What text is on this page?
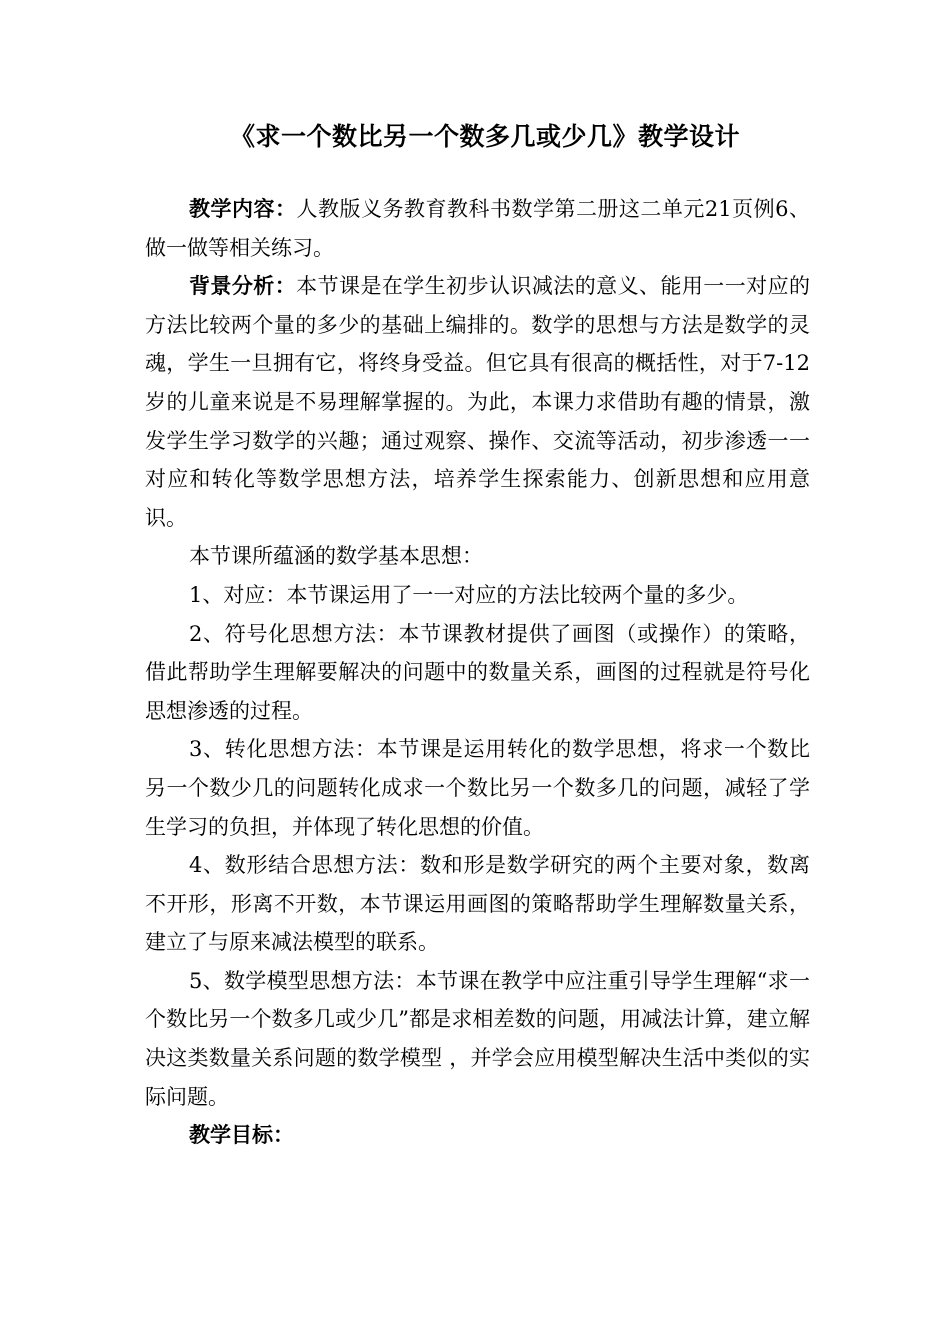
《求一个数比另一个数多几或少几》教学设计

教学内容：人教版义务教育教科书数学第二册这二单元21页例6、做一做等相关练习。

背景分析：本节课是在学生初步认识减法的意义、能用一一对应的方法比较两个量的多少的基础上编排的。数学的思想与方法是数学的灵魂，学生一旦拥有它，将终身受益。但它具有很高的概括性，对于7-12岁的儿童来说是不易理解掌握的。为此，本课力求借助有趣的情景，激发学生学习数学的兴趣；通过观察、操作、交流等活动，初步渗透一一对应和转化等数学思想方法，培养学生探索能力、创新思想和应用意识。

本节课所蕴涵的数学基本思想：

1、对应：本节课运用了一一对应的方法比较两个量的多少。

2、符号化思想方法：本节课教材提供了画图（或操作）的策略，借此帮助学生理解要解决的问题中的数量关系，画图的过程就是符号化思想渗透的过程。

3、转化思想方法：本节课是运用转化的数学思想，将求一个数比另一个数少几的问题转化成求一个数比另一个数多几的问题，减轻了学生学习的负担，并体现了转化思想的价值。

4、数形结合思想方法：数和形是数学研究的两个主要对象，数离不开形，形离不开数，本节课运用画图的策略帮助学生理解数量关系，建立了与原来减法模型的联系。

5、数学模型思想方法：本节课在教学中应注重引导学生理解“求一个数比另一个数多几或少几”都是求相差数的问题，用减法计算，建立解决这类数量关系问题的数学模型 ，并学会应用模型解决生活中类似的实际问题。

教学目标：
